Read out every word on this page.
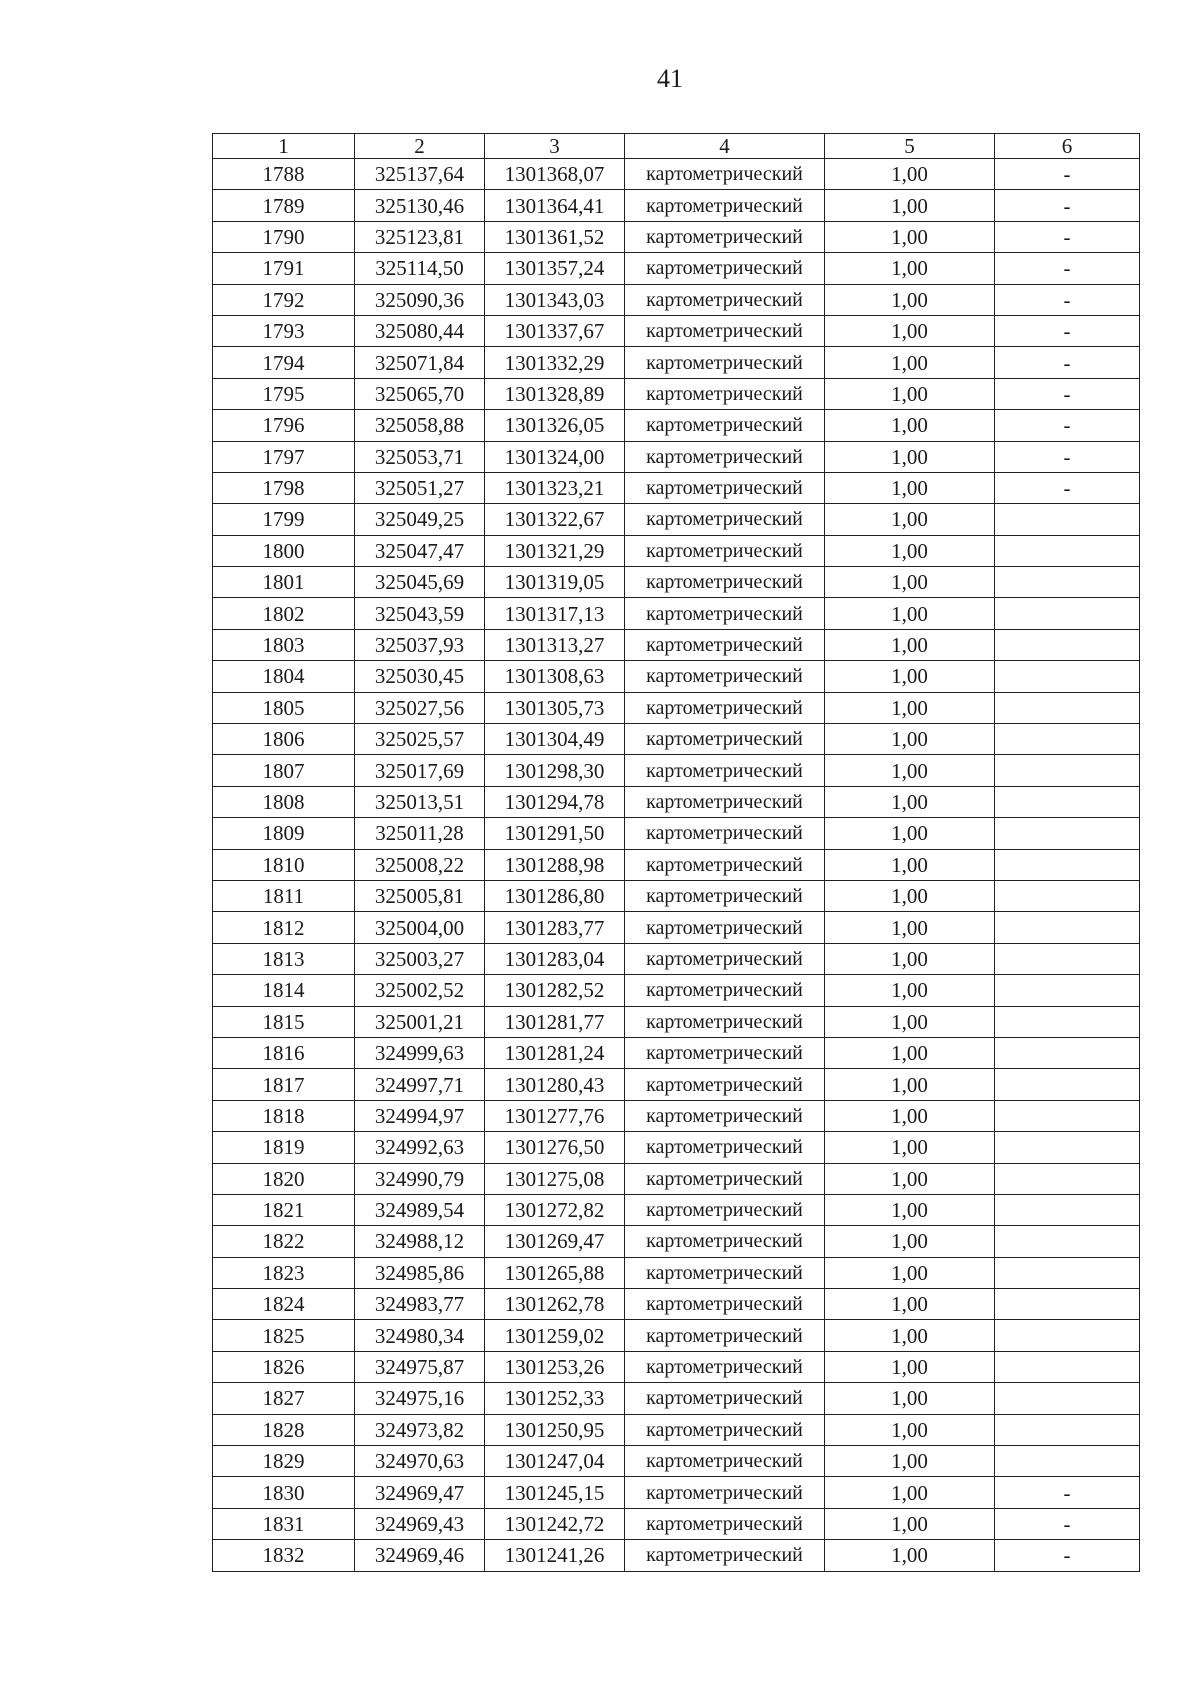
41
1	2	3	4	5	6
1788	325137,64	1301368,07	картометрический	1,00	-
1789	325130,46	1301364,41	картометрический	1,00	-
1790	325123,81	1301361,52	картометрический	1,00	-
1791	325114,50	1301357,24	картометрический	1,00	-
1792	325090,36	1301343,03	картометрический	1,00	-
1793	325080,44	1301337,67	картометрический	1,00	-
1794	325071,84	1301332,29	картометрический	1,00	-
1795	325065,70	1301328,89	картометрический	1,00	-
1796	325058,88	1301326,05	картометрический	1,00	-
1797	325053,71	1301324,00	картометрический	1,00	-
1798	325051,27	1301323,21	картометрический	1,00	-
1799	325049,25	1301322,67	картометрический	1,00	
1800	325047,47	1301321,29	картометрический	1,00	
1801	325045,69	1301319,05	картометрический	1,00	
1802	325043,59	1301317,13	картометрический	1,00	
1803	325037,93	1301313,27	картометрический	1,00	
1804	325030,45	1301308,63	картометрический	1,00	
1805	325027,56	1301305,73	картометрический	1,00	
1806	325025,57	1301304,49	картометрический	1,00	
1807	325017,69	1301298,30	картометрический	1,00	
1808	325013,51	1301294,78	картометрический	1,00	
1809	325011,28	1301291,50	картометрический	1,00	
1810	325008,22	1301288,98	картометрический	1,00	
1811	325005,81	1301286,80	картометрический	1,00	
1812	325004,00	1301283,77	картометрический	1,00	
1813	325003,27	1301283,04	картометрический	1,00	
1814	325002,52	1301282,52	картометрический	1,00	
1815	325001,21	1301281,77	картометрический	1,00	
1816	324999,63	1301281,24	картометрический	1,00	
1817	324997,71	1301280,43	картометрический	1,00	
1818	324994,97	1301277,76	картометрический	1,00	
1819	324992,63	1301276,50	картометрический	1,00	
1820	324990,79	1301275,08	картометрический	1,00	
1821	324989,54	1301272,82	картометрический	1,00	
1822	324988,12	1301269,47	картометрический	1,00	
1823	324985,86	1301265,88	картометрический	1,00	
1824	324983,77	1301262,78	картометрический	1,00	
1825	324980,34	1301259,02	картометрический	1,00	
1826	324975,87	1301253,26	картометрический	1,00	
1827	324975,16	1301252,33	картометрический	1,00	
1828	324973,82	1301250,95	картометрический	1,00	
1829	324970,63	1301247,04	картометрический	1,00	
1830	324969,47	1301245,15	картометрический	1,00	-
1831	324969,43	1301242,72	картометрический	1,00	-
1832	324969,46	1301241,26	картометрический	1,00	-
